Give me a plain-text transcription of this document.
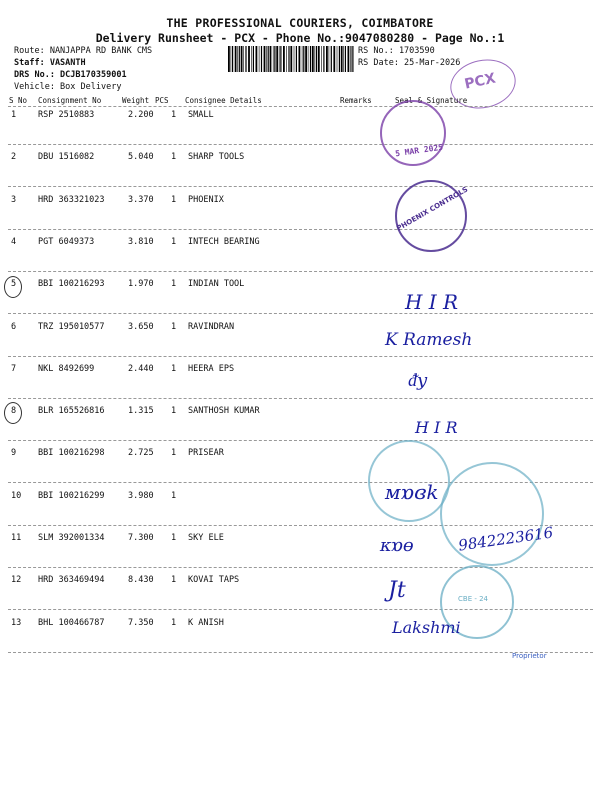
THE PROFESSIONAL COURIERS, COIMBATORE
Delivery Runsheet - PCX - Phone No.:9047080280 - Page No.:1
Route: NANJAPPA RD BANK CMS
Staff: VASANTH
DRS No.: DCJB170359001
Vehicle: Box Delivery
RS No.: 1703590
RS Date: 25-Mar-2026
PCX
S No Consignment No	Weight PCS Consignee Details	Remarks	Seal & Signature
1	RSP 2510883	2.200 1 SMALL
2	DBU 1516082	5.040 1 SHARP TOOLS
3	HRD 363321023	3.370 1 PHOENIX
4	PGT 6049373	3.810 1 INTECH BEARING
5	BBI 100216293	1.970 1 INDIAN TOOL
6	TRZ 195010577	3.650 1 RAVINDRAN
7	NKL 8492699	2.440 1 HEERA EPS
8	BLR 165526816	1.315 1 SANTHOSH KUMAR
9	BBI 100216298	2.725 1 PRISEAR
10 BBI 100216299	3.980 1
11 SLM 392001334	7.300 1 SKY ELE
12 HRD 363469494	8.430 1 KOVAI TAPS
13 BHL 100466787	7.350 1 K ANISH
5 MAR 2025
PHOENIX CONTROLS
H I R
K Ramesh
ᵭy
H I R
ᴍɒɞk
ᴋɒɵ	9842223616
CBE - 24
Jt
Lakshmi
Proprietor
